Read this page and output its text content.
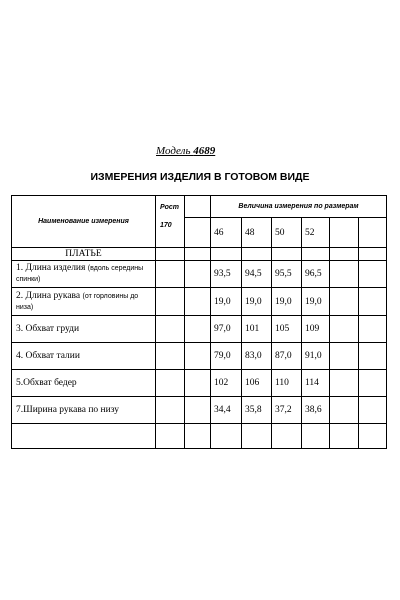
Модель 4689
ИЗМЕРЕНИЯ ИЗДЕЛИЯ В ГОТОВОМ ВИДЕ
Наименование измерения	Рост
170		Величина измерения по размерам					
			46	48	50	52		
ПЛАТЬЕ								
1. Длина изделия (вдоль середины спинки)			93,5	94,5	95,5	96,5		
2. Длина рукава (от горловины до низа)			19,0	19,0	19,0	19,0		
3. Обхват груди			97,0	101	105	109		
4. Обхват талии			79,0	83,0	87,0	91,0		
5.Обхват бедер			102	106	110	114		
7.Ширина рукава по низу			34,4	35,8	37,2	38,6		
